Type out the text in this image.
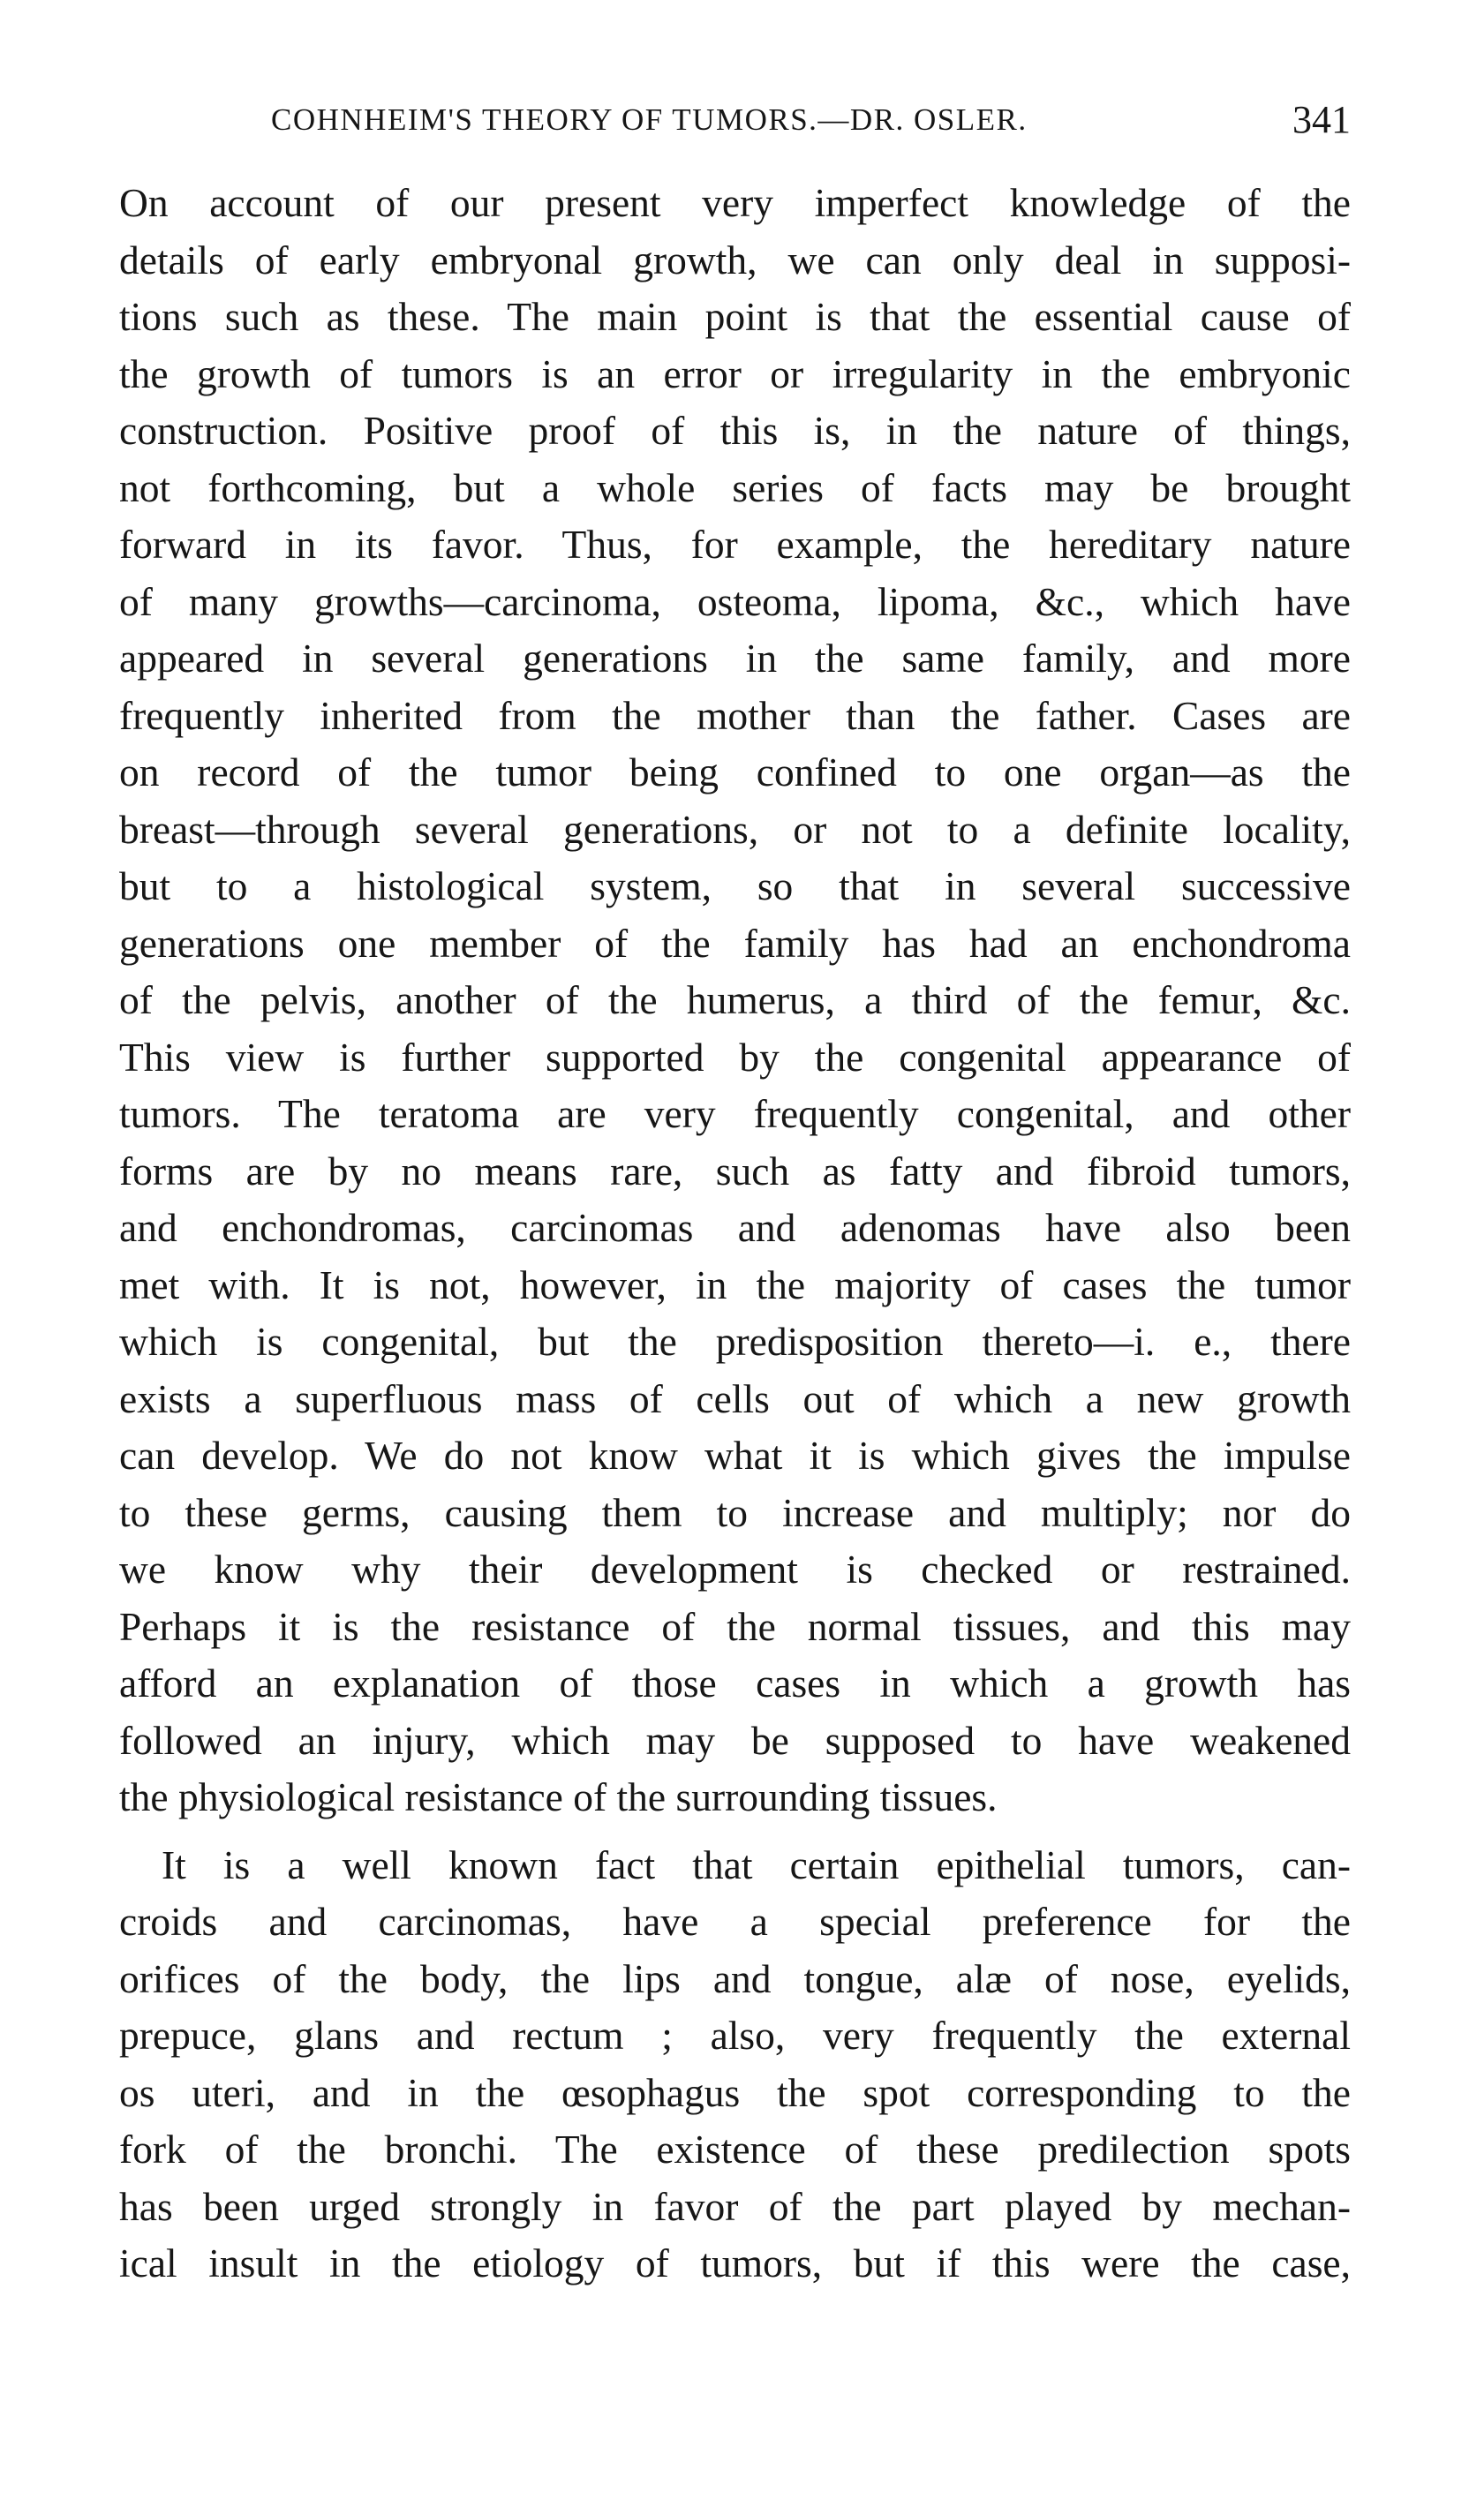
COHNHEIM'S THEORY OF TUMORS.—DR. OSLER.	341
On account of our present very imperfect knowledge of the
details of early embryonal growth, we can only deal in supposi-
tions such as these. The main point is that the essential cause of
the growth of tumors is an error or irregularity in the embryonic
construction. Positive proof of this is, in the nature of things,
not forthcoming, but a whole series of facts may be brought
forward in its favor. Thus, for example, the hereditary nature
of many growths—carcinoma, osteoma, lipoma, &c., which have
appeared in several generations in the same family, and more
frequently inherited from the mother than the father. Cases are
on record of the tumor being confined to one organ—as the
breast—through several generations, or not to a definite locality,
but to a histological system, so that in several successive
generations one member of the family has had an enchondroma
of the pelvis, another of the humerus, a third of the femur, &c.
This view is further supported by the congenital appearance of
tumors. The teratoma are very frequently congenital, and other
forms are by no means rare, such as fatty and fibroid tumors,
and enchondromas, carcinomas and adenomas have also been
met with. It is not, however, in the majority of cases the tumor
which is congenital, but the predisposition thereto—i. e., there
exists a superfluous mass of cells out of which a new growth
can develop. We do not know what it is which gives the impulse
to these germs, causing them to increase and multiply; nor do
we know why their development is checked or restrained.
Perhaps it is the resistance of the normal tissues, and this may
afford an explanation of those cases in which a growth has
followed an injury, which may be supposed to have weakened
the physiological resistance of the surrounding tissues.
It is a well known fact that certain epithelial tumors, can-
croids and carcinomas, have a special preference for the
orifices of the body, the lips and tongue, alæ of nose, eyelids,
prepuce, glans and rectum ; also, very frequently the external
os uteri, and in the œsophagus the spot corresponding to the
fork of the bronchi. The existence of these predilection spots
has been urged strongly in favor of the part played by mechan-
ical insult in the etiology of tumors, but if this were the case,
